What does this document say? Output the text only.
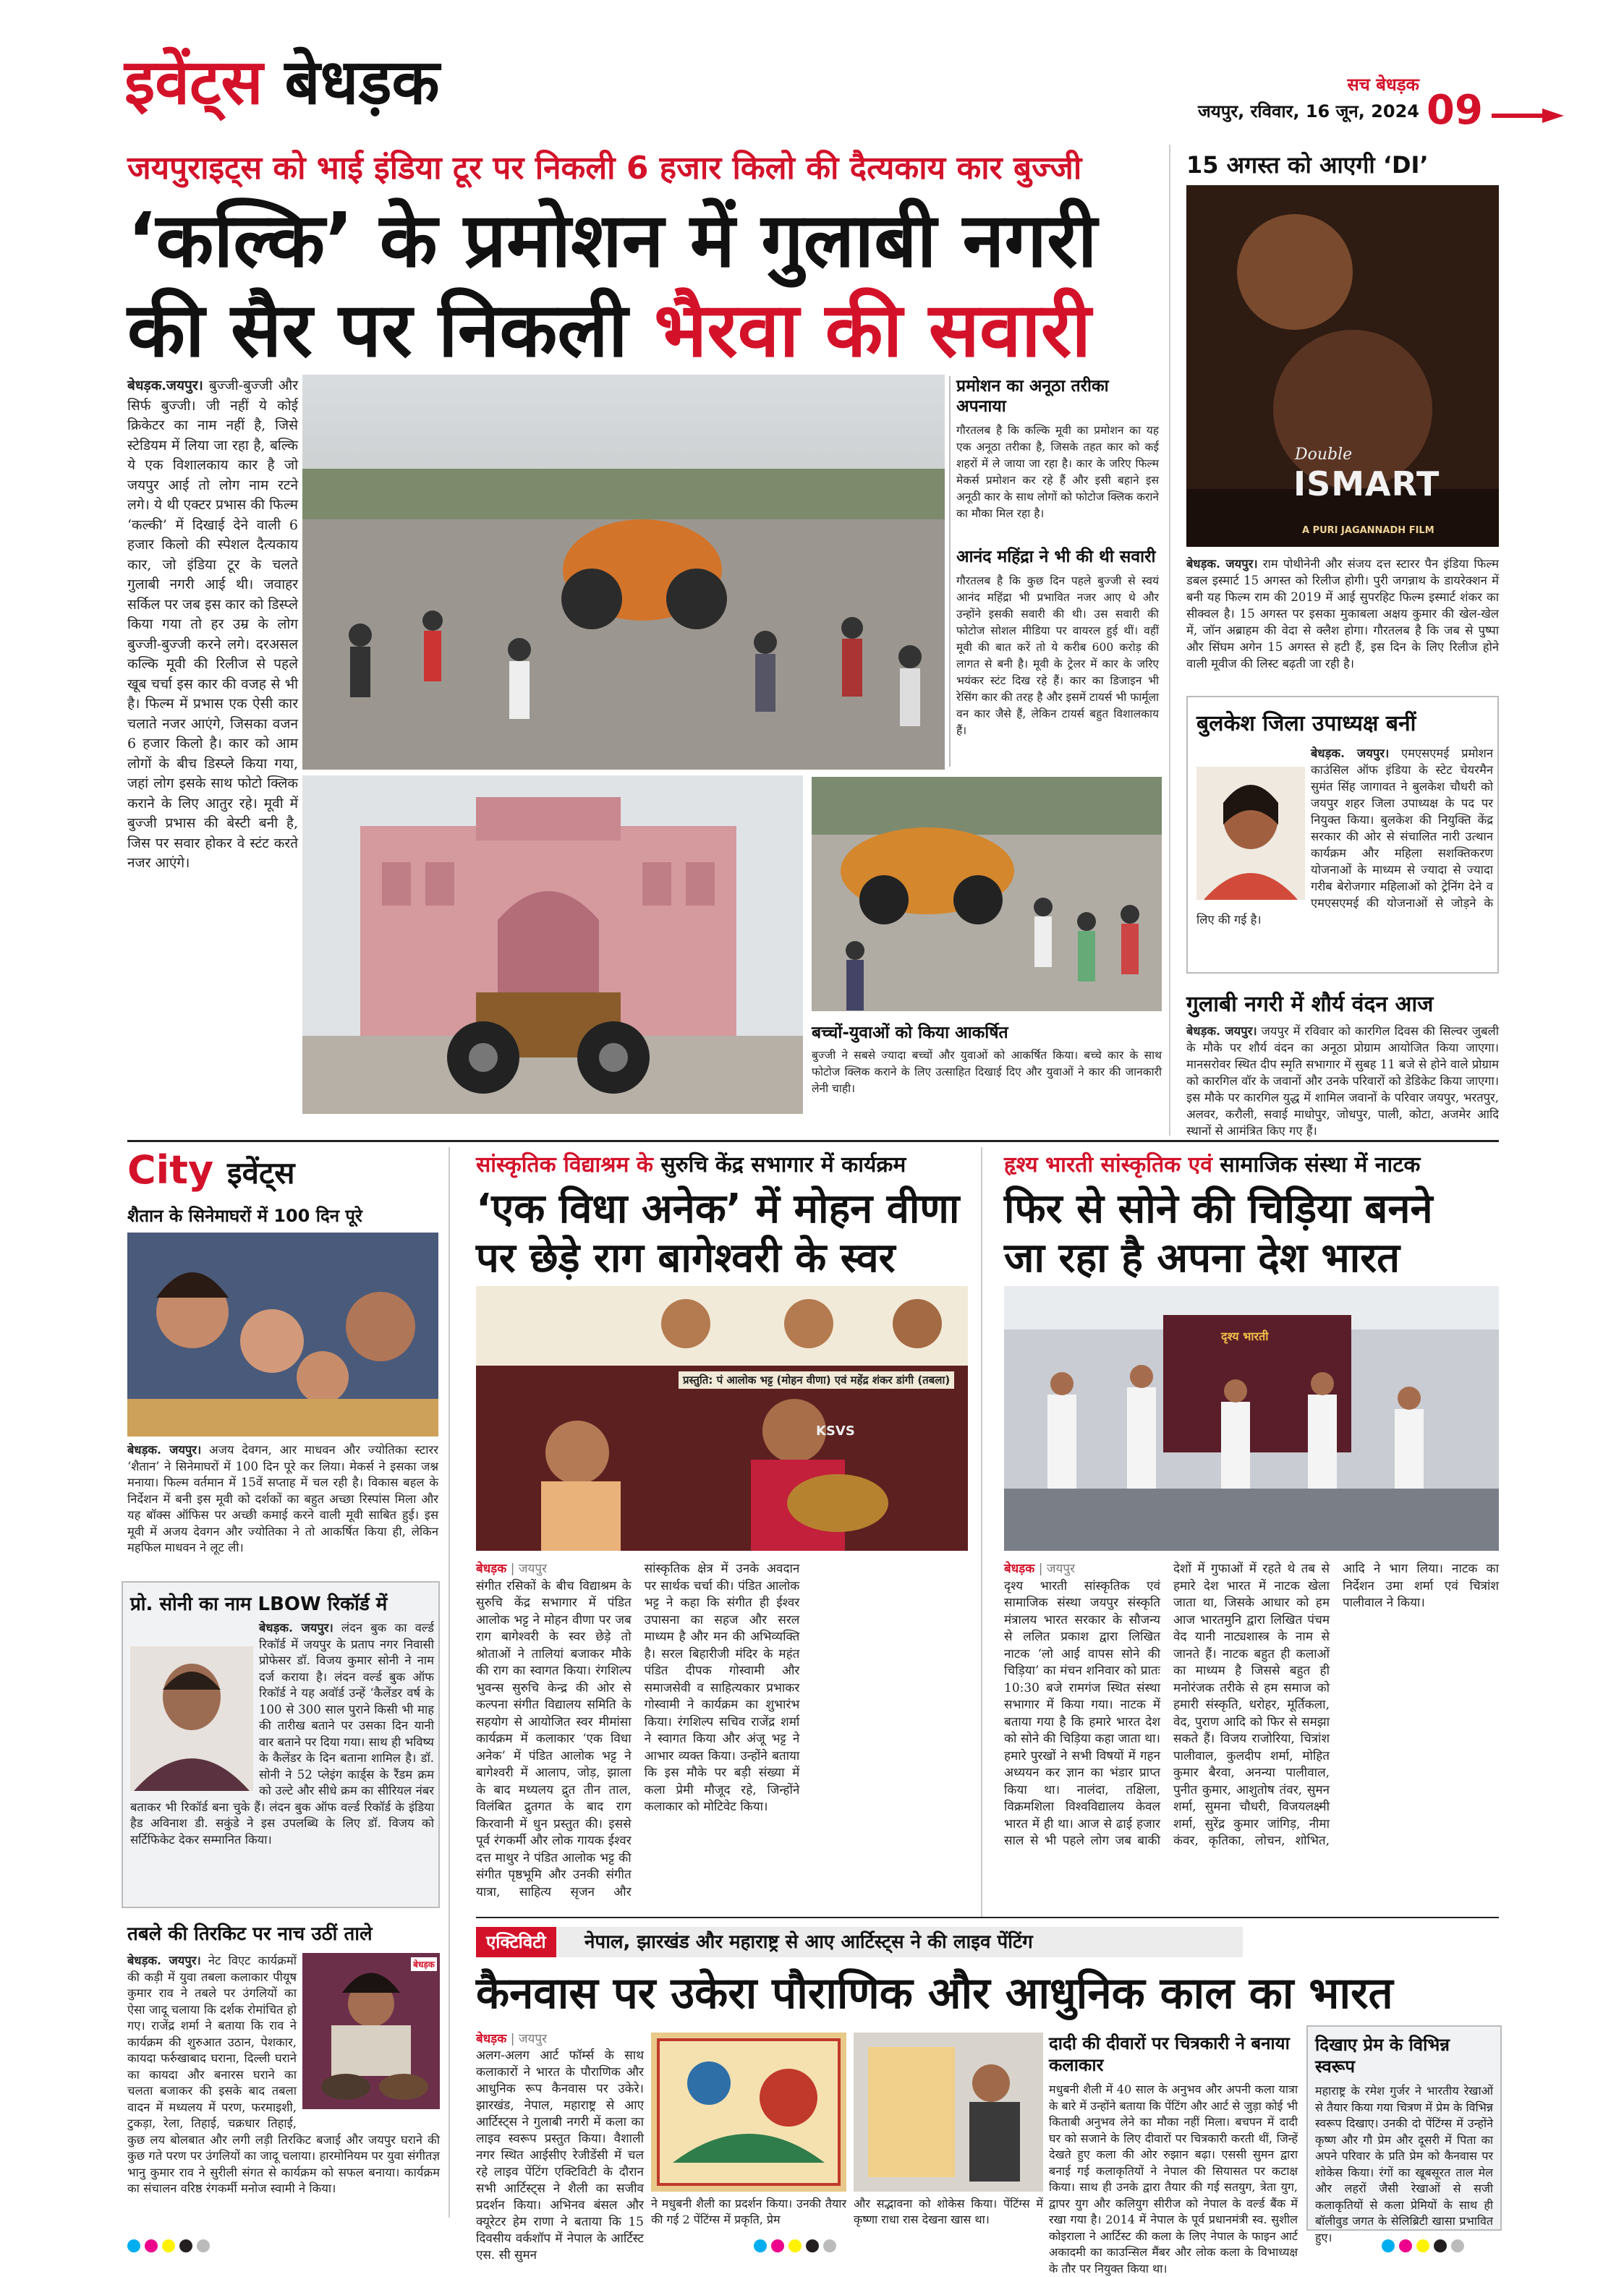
इवेंट्स बेधड़क	सच बेधड़क
जयपुर, रविवार, 16 जून, 2024 09
जयपुराइट्स को भाई इंडिया टूर पर निकली 6 हजार किलो की दैत्यकाय कार बुज्जी
‘कल्कि’ के प्रमोशन में गुलाबी नगरी
की सैर पर निकली भैरवा की सवारी
बेधड़क.जयपुर। बुज्जी-बुज्जी और सिर्फ बुज्जी। जी नहीं ये कोई क्रिकेटर का नाम नहीं है, जिसे स्टेडियम में लिया जा रहा है, बल्कि ये एक विशालकाय कार है जो जयपुर आई तो लोग नाम रटने लगे। ये थी एक्टर प्रभास की फिल्म ‘कल्की’ में दिखाई देने वाली 6 हजार किलो की स्पेशल दैत्यकाय कार, जो इंडिया टूर के चलते गुलाबी नगरी आई थी। जवाहर सर्किल पर जब इस कार को डिस्प्ले किया गया तो हर उम्र के लोग बुज्जी-बुज्जी करने लगे। दरअसल कल्कि मूवी की रिलीज से पहले खूब चर्चा इस कार की वजह से भी है। फिल्म में प्रभास एक ऐसी कार चलाते नजर आएंगे, जिसका वजन 6 हजार किलो है। कार को आम लोगों के बीच डिस्प्ले किया गया, जहां लोग इसके साथ फोटो क्लिक कराने के लिए आतुर रहे। मूवी में बुज्जी प्रभास की बेस्टी बनी है, जिस पर सवार होकर वे स्टंट करते नजर आएंगे।
प्रमोशन का अनूठा तरीका अपनाया
गौरतलब है कि कल्कि मूवी का प्रमोशन का यह एक अनूठा तरीका है, जिसके तहत कार को कई शहरों में ले जाया जा रहा है। कार के जरिए फिल्म मेकर्स प्रमोशन कर रहे हैं और इसी बहाने इस अनूठी कार के साथ लोगों को फोटोज क्लिक कराने का मौका मिल रहा है।
आनंद महिंद्रा ने भी की थी सवारी
गौरतलब है कि कुछ दिन पहले बुज्जी से स्वयं आनंद महिंद्रा भी प्रभावित नजर आए थे और उन्होंने इसकी सवारी की थी। उस सवारी की फोटोज सोशल मीडिया पर वायरल हुई थीं। वहीं मूवी की बात करें तो ये करीब 600 करोड़ की लागत से बनी है। मूवी के ट्रेलर में कार के जरिए भयंकर स्टंट दिख रहे हैं। कार का डिजाइन भी रेसिंग कार की तरह है और इसमें टायर्स भी फार्मूला वन कार जैसे हैं, लेकिन टायर्स बहुत विशालकाय हैं।
बच्चों-युवाओं को किया आकर्षित
बुज्जी ने सबसे ज्यादा बच्चों और युवाओं को आकर्षित किया। बच्चे कार के साथ फोटोज क्लिक कराने के लिए उत्साहित दिखाई दिए और युवाओं ने कार की जानकारी लेनी चाही।
15 अगस्त को आएगी ‘DI’
Double
ISMART
A PURI JAGANNADH FILM
बेधड़क. जयपुर। राम पोथीनेनी और संजय दत्त स्टारर पैन इंडिया फिल्म डबल इस्मार्ट 15 अगस्त को रिलीज होगी। पुरी जगन्नाथ के डायरेक्शन में बनी यह फिल्म राम की 2019 में आई सुपरहिट फिल्म इस्मार्ट शंकर का सीक्वल है। 15 अगस्त पर इसका मुकाबला अक्षय कुमार की खेल-खेल में, जॉन अब्राहम की वेदा से क्लैश होगा। गौरतलब है कि जब से पुष्पा और सिंघम अगेन 15 अगस्त से हटी हैं, इस दिन के लिए रिलीज होने वाली मूवीज की लिस्ट बढ़ती जा रही है।
बुलकेश जिला उपाध्यक्ष बनीं
बेधड़क. जयपुर। एमएसएमई प्रमोशन काउंसिल ऑफ इंडिया के स्टेट चेयरमैन सुमंत सिंह जागावत ने बुलकेश चौधरी को जयपुर शहर जिला उपाध्यक्ष के पद पर नियुक्त किया। बुलकेश की नियुक्ति केंद्र सरकार की ओर से संचालित नारी उत्थान कार्यक्रम और महिला सशक्तिकरण योजनाओं के माध्यम से ज्यादा से ज्यादा गरीब बेरोजगार महिलाओं को ट्रेनिंग देने व एमएसएमई की योजनाओं से जोड़ने के लिए की गई है।
गुलाबी नगरी में शौर्य वंदन आज
बेधड़क. जयपुर। जयपुर में रविवार को कारगिल दिवस की सिल्वर जुबली के मौके पर शौर्य वंदन का अनूठा प्रोग्राम आयोजित किया जाएगा। मानसरोवर स्थित दीप स्मृति सभागार में सुबह 11 बजे से होने वाले प्रोग्राम को कारगिल वॉर के जवानों और उनके परिवारों को डेडिकेट किया जाएगा। इस मौके पर कारगिल युद्ध में शामिल जवानों के परिवार जयपुर, भरतपुर, अलवर, करौली, सवाई माधोपुर, जोधपुर, पाली, कोटा, अजमेर आदि स्थानों से आमंत्रित किए गए हैं।
City इवेंट्स
शैतान के सिनेमाघरों में 100 दिन पूरे
बेधड़क. जयपुर। अजय देवगन, आर माधवन और ज्योतिका स्टारर ‘शैतान’ ने सिनेमाघरों में 100 दिन पूरे कर लिया। मेकर्स ने इसका जश्न मनाया। फिल्म वर्तमान में 15वें सप्ताह में चल रही है। विकास बहल के निर्देशन में बनी इस मूवी को दर्शकों का बहुत अच्छा रिस्पांस मिला और यह बॉक्स ऑफिस पर अच्छी कमाई करने वाली मूवी साबित हुई। इस मूवी में अजय देवगन और ज्योतिका ने तो आकर्षित किया ही, लेकिन महफिल माधवन ने लूट ली।
प्रो. सोनी का नाम LBOW रिकॉर्ड में
बेधड़क. जयपुर। लंदन बुक का वर्ल्ड रिकॉर्ड में जयपुर के प्रताप नगर निवासी प्रोफेसर डॉ. विजय कुमार सोनी ने नाम दर्ज कराया है। लंदन वर्ल्ड बुक ऑफ रिकॉर्ड ने यह अवॉर्ड उन्हें ‘कैलेंडर वर्ष के 100 से 300 साल पुराने किसी भी माह की तारीख बताने पर उसका दिन यानी वार बताने पर दिया गया। साथ ही भविष्य के कैलेंडर के दिन बताना शामिल है। डॉ. सोनी ने 52 प्लेइंग कार्ड्स के रैंडम क्रम को उल्टे और सीधे क्रम का सीरियल नंबर बताकर भी रिकॉर्ड बना चुके हैं। लंदन बुक ऑफ वर्ल्ड रिकॉर्ड के इंडिया हैड अविनाश डी. सकुंडे ने इस उपलब्धि के लिए डॉ. विजय को सर्टिफिकेट देकर सम्मानित किया।
तबले की तिरकिट पर नाच उठीं ताले
बेधड़क
बेधड़क. जयपुर। नेट विएट कार्यक्रमों की कड़ी में युवा तबला कलाकार पीयूष कुमार राव ने तबले पर उंगलियों का ऐसा जादू चलाया कि दर्शक रोमांचित हो गए। राजेंद्र शर्मा ने बताया कि राव ने कार्यक्रम की शुरुआत उठान, पेशकार, कायदा फर्रुखाबाद घराना, दिल्ली घराने का कायदा और बनारस घराने का चलता बजाकर की इसके बाद तबला वादन में मध्यलय में परण, फरमाइशी, टुकड़ा, रेला, तिहाई, चक्रधार तिहाई, कुछ लय बोलबात और लगी लड़ी तिरकिट बजाई और जयपुर घराने की कुछ गते परण पर उंगलियों का जादू चलाया। हारमोनियम पर युवा संगीतज्ञ भानु कुमार राव ने सुरीली संगत से कार्यक्रम को सफल बनाया। कार्यक्रम का संचालन वरिष्ठ रंगकर्मी मनोज स्वामी ने किया।
सांस्कृतिक विद्याश्रम के सुरुचि केंद्र सभागार में कार्यक्रम
‘एक विधा अनेक’ में मोहन वीणा
पर छेड़े राग बागेश्वरी के स्वर
प्रस्तुति: पं आलोक भट्ट (मोहन वीणा) एवं महेंद्र शंकर डांगी (तबला)
KSVS
बेधड़क | जयपुर
संगीत रसिकों के बीच विद्याश्रम के सुरुचि केंद्र सभागार में पंडित आलोक भट्ट ने मोहन वीणा पर जब राग बागेश्वरी के स्वर छेड़े तो श्रोताओं ने तालियां बजाकर मौके की राग का स्वागत किया। रंगशिल्प भुवन्स सुरुचि केन्द्र की ओर से कल्पना संगीत विद्यालय समिति के सहयोग से आयोजित स्वर मीमांसा कार्यक्रम में कलाकार ‘एक विधा अनेक’ में पंडित आलोक भट्ट ने बागेश्वरी में आलाप, जोड़, झाला के बाद मध्यलय द्रुत तीन ताल, विलंबित द्रुतगत के बाद राग किरवानी में धुन प्रस्तुत की। इससे पूर्व रंगकर्मी और लोक गायक ईश्वर दत्त माथुर ने पंडित आलोक भट्ट की संगीत पृष्ठभूमि और उनकी संगीत यात्रा, साहित्य सृजन और सांस्कृतिक क्षेत्र में उनके अवदान पर सार्थक चर्चा की। पंडित आलोक भट्ट ने कहा कि संगीत ही ईश्वर उपासना का सहज और सरल माध्यम है और मन की अभिव्यक्ति है। सरल बिहारीजी मंदिर के महंत पंडित दीपक गोस्वामी और समाजसेवी व साहित्यकार प्रभाकर गोस्वामी ने कार्यक्रम का शुभारंभ किया। रंगशिल्प सचिव राजेंद्र शर्मा ने स्वागत किया और अंजू भट्ट ने आभार व्यक्त किया। उन्होंने बताया कि इस मौके पर बड़ी संख्या में कला प्रेमी मौजूद रहे, जिन्होंने कलाकार को मोटिवेट किया।
हृश्य भारती सांस्कृतिक एवं सामाजिक संस्था में नाटक
फिर से सोने की चिड़िया बनने
जा रहा है अपना देश भारत
दृश्य भारती
बेधड़क | जयपुर
दृश्य भारती सांस्कृतिक एवं सामाजिक संस्था जयपुर संस्कृति मंत्रालय भारत सरकार के सौजन्य से ललित प्रकाश द्वारा लिखित नाटक ‘लो आई वापस सोने की चिड़िया’ का मंचन शनिवार को प्रातः 10:30 बजे रामगंज स्थित संस्था सभागार में किया गया। नाटक में बताया गया है कि हमारे भारत देश को सोने की चिड़िया कहा जाता था। हमारे पुरखों ने सभी विषयों में गहन अध्ययन कर ज्ञान का भंडार प्राप्त किया था। नालंदा, तक्षिला, विक्रमशिला विश्वविद्यालय केवल भारत में ही था। आज से ढाई हजार साल से भी पहले लोग जब बाकी देशों में गुफाओं में रहते थे तब से हमारे देश भारत में नाटक खेला जाता था, जिसके आधार को हम आज भारतमुनि द्वारा लिखित पंचम वेद यानी नाट्यशास्त्र के नाम से जानते हैं। नाटक बहुत ही कलाओं का माध्यम है जिससे बहुत ही मनोरंजक तरीके से हम समाज को हमारी संस्कृति, धरोहर, मूर्तिकला, वेद, पुराण आदि को फिर से समझा सकते हैं। विजय राजोरिया, चित्रांश पालीवाल, कुलदीप शर्मा, मोहित कुमार बैरवा, अनन्या पालीवाल, पुनीत कुमार, आशुतोष तंवर, सुमन शर्मा, सुमना चौधरी, विजयलक्ष्मी शर्मा, सुरेंद्र कुमार जांगिड़, नीमा कंवर, कृतिका, लोचन, शोभित, आदि ने भाग लिया। नाटक का निर्देशन उमा शर्मा एवं चित्रांश पालीवाल ने किया।
एक्टिविटी	नेपाल, झारखंड और महाराष्ट्र से आए आर्टिस्ट्स ने की लाइव पेंटिंग
कैनवास पर उकेरा पौराणिक और आधुनिक काल का भारत
बेधड़क | जयपुर
अलग-अलग आर्ट फॉर्म्स के साथ कलाकारों ने भारत के पौराणिक और आधुनिक रूप कैनवास पर उकेरे। झारखंड, नेपाल, महाराष्ट्र से आए आर्टिस्ट्स ने गुलाबी नगरी में कला का लाइव स्वरूप प्रस्तुत किया। वैशाली नगर स्थित आईसीए रेजीडेंसी में चल रहे लाइव पेंटिंग एक्टिविटी के दौरान सभी आर्टिस्ट्स ने शैली का सजीव प्रदर्शन किया। अभिनव बंसल और क्यूरेटर हेम राणा ने बताया कि 15 दिवसीय वर्कशॉप में नेपाल के आर्टिस्ट एस. सी सुमन
ने मधुबनी शैली का प्रदर्शन किया। उनकी तैयार की गई 2 पेंटिंग्स में प्रकृति, प्रेम
और सद्भावना को शोकेस किया। पेंटिंग्स में कृष्णा राधा रास देखना खास था।
दादी की दीवारों पर चित्रकारी ने बनाया कलाकार
मधुबनी शैली में 40 साल के अनुभव और अपनी कला यात्रा के बारे में उन्होंने बताया कि पेंटिंग और आर्ट से जुड़ा कोई भी किताबी अनुभव लेने का मौका नहीं मिला। बचपन में दादी घर को सजाने के लिए दीवारों पर चित्रकारी करती थीं, जिन्हें देखते हुए कला की ओर रुझान बढ़ा। एससी सुमन द्वारा बनाई गई कलाकृतियों ने नेपाल की सियासत पर कटाक्ष किया। साथ ही उनके द्वारा तैयार की गई सतयुग, त्रेता युग, द्वापर युग और कलियुग सीरीज को नेपाल के वर्ल्ड बैंक में रखा गया है। 2014 में नेपाल के पूर्व प्रधानमंत्री स्व. सुशील कोइराला ने आर्टिस्ट की कला के लिए नेपाल के फाइन आर्ट अकादमी का काउन्सिल मैंबर और लोक कला के विभाध्यक्ष के तौर पर नियुक्त किया था।
दिखाए प्रेम के विभिन्न स्वरूप
महाराष्ट्र के रमेश गुर्जर ने भारतीय रेखाओं से तैयार किया गया चित्रण में प्रेम के विभिन्न स्वरूप दिखाए। उनकी दो पेंटिंग्स में उन्होंने कृष्ण और गौ प्रेम और दूसरी में पिता का अपने परिवार के प्रति प्रेम को कैनवास पर शोकेस किया। रंगों का खूबसूरत ताल मेल और लहरों जैसी रेखाओं से सजी कलाकृतियों से कला प्रेमियों के साथ ही बॉलीवुड जगत के सेलिब्रिटी खासा प्रभावित हुए।
